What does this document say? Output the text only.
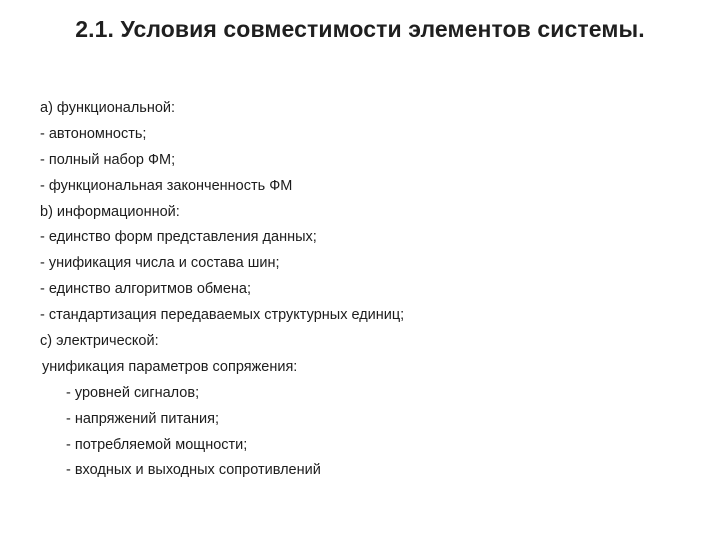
2.1. Условия совместимости элементов системы.
a) функциональной:
- автономность;
- полный набор ФМ;
- функциональная законченность ФМ
b) информационной:
- единство форм представления данных;
- унификация числа и состава шин;
- единство алгоритмов обмена;
- стандартизация передаваемых структурных единиц;
c) электрической:
унификация параметров сопряжения:
- уровней сигналов;
- напряжений питания;
- потребляемой мощности;
- входных и выходных сопротивлений
